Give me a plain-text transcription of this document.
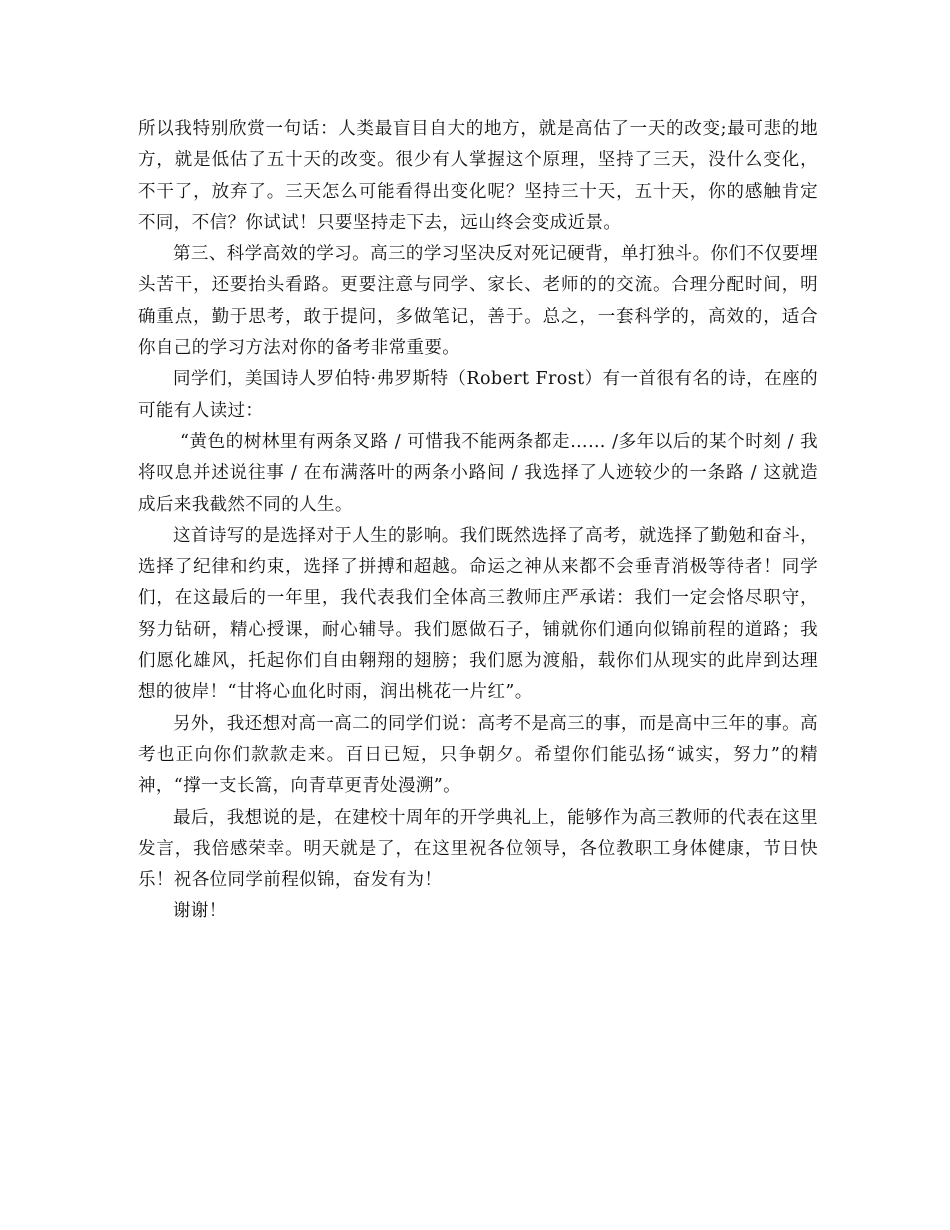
所以我特别欣赏一句话：人类最盲目自大的地方，就是高估了一天的改变;最可悲的地方，就是低估了五十天的改变。很少有人掌握这个原理，坚持了三天，没什么变化，不干了，放弃了。三天怎么可能看得出变化呢？坚持三十天，五十天，你的感触肯定不同，不信？你试试！只要坚持走下去，远山终会变成近景。

第三、科学高效的学习。高三的学习坚决反对死记硬背，单打独斗。你们不仅要埋头苦干，还要抬头看路。更要注意与同学、家长、老师的的交流。合理分配时间，明确重点，勤于思考，敢于提问，多做笔记，善于。总之，一套科学的，高效的，适合你自己的学习方法对你的备考非常重要。

同学们，美国诗人罗伯特·弗罗斯特（Robert Frost）有一首很有名的诗，在座的可能有人读过：

“黄色的树林里有两条叉路 / 可惜我不能两条都走…… /多年以后的某个时刻 / 我将叹息并述说往事 / 在布满落叶的两条小路间 / 我选择了人迹较少的一条路 / 这就造成后来我截然不同的人生。

这首诗写的是选择对于人生的影响。我们既然选择了高考，就选择了勤勉和奋斗，选择了纪律和约束，选择了拼搏和超越。命运之神从来都不会垂青消极等待者！同学们，在这最后的一年里，我代表我们全体高三教师庄严承诺：我们一定会恪尽职守，努力钻研，精心授课，耐心辅导。我们愿做石子，铺就你们通向似锦前程的道路；我们愿化雄风，托起你们自由翱翔的翅膀；我们愿为渡船，载你们从现实的此岸到达理想的彼岸！“甘将心血化时雨，润出桃花一片红”。

另外，我还想对高一高二的同学们说：高考不是高三的事，而是高中三年的事。高考也正向你们款款走来。百日已短，只争朝夕。希望你们能弘扬“诚实，努力”的精神，“撑一支长篙，向青草更青处漫溯”。

最后，我想说的是，在建校十周年的开学典礼上，能够作为高三教师的代表在这里发言，我倍感荣幸。明天就是了，在这里祝各位领导，各位教职工身体健康，节日快乐！祝各位同学前程似锦，奋发有为！

谢谢！
